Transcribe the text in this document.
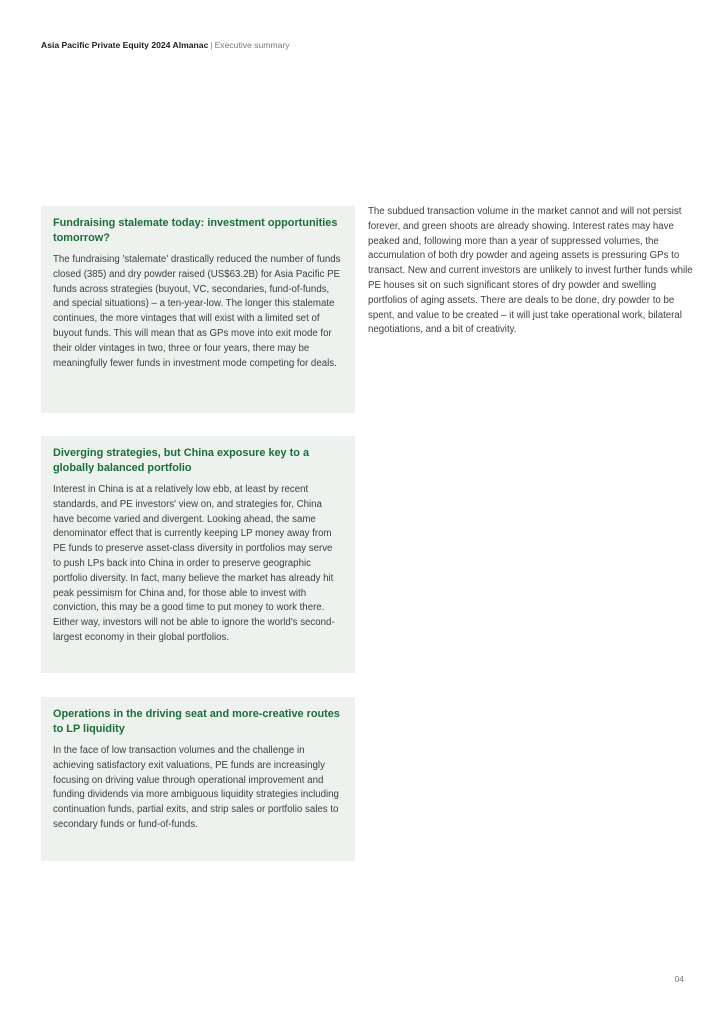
Asia Pacific Private Equity 2024 Almanac | Executive summary
Fundraising stalemate today: investment opportunities tomorrow?

The fundraising 'stalemate' drastically reduced the number of funds closed (385) and dry powder raised (US$63.2B) for Asia Pacific PE funds across strategies (buyout, VC, secondaries, fund-of-funds, and special situations) – a ten-year-low. The longer this stalemate continues, the more vintages that will exist with a limited set of buyout funds. This will mean that as GPs move into exit mode for their older vintages in two, three or four years, there may be meaningfully fewer funds in investment mode competing for deals.

Diverging strategies, but China exposure key to a globally balanced portfolio

Interest in China is at a relatively low ebb, at least by recent standards, and PE investors' view on, and strategies for, China have become varied and divergent. Looking ahead, the same denominator effect that is currently keeping LP money away from PE funds to preserve asset-class diversity in portfolios may serve to push LPs back into China in order to preserve geographic portfolio diversity. In fact, many believe the market has already hit peak pessimism for China and, for those able to invest with conviction, this may be a good time to put money to work there. Either way, investors will not be able to ignore the world's second-largest economy in their global portfolios.

Operations in the driving seat and more-creative routes to LP liquidity

In the face of low transaction volumes and the challenge in achieving satisfactory exit valuations, PE funds are increasingly focusing on driving value through operational improvement and funding dividends via more ambiguous liquidity strategies including continuation funds, partial exits, and strip sales or portfolio sales to secondary funds or fund-of-funds.

The subdued transaction volume in the market cannot and will not persist forever, and green shoots are already showing. Interest rates may have peaked and, following more than a year of suppressed volumes, the accumulation of both dry powder and ageing assets is pressuring GPs to transact. New and current investors are unlikely to invest further funds while PE houses sit on such significant stores of dry powder and swelling portfolios of aging assets. There are deals to be done, dry powder to be spent, and value to be created – it will just take operational work, bilateral negotiations, and a bit of creativity.
04
